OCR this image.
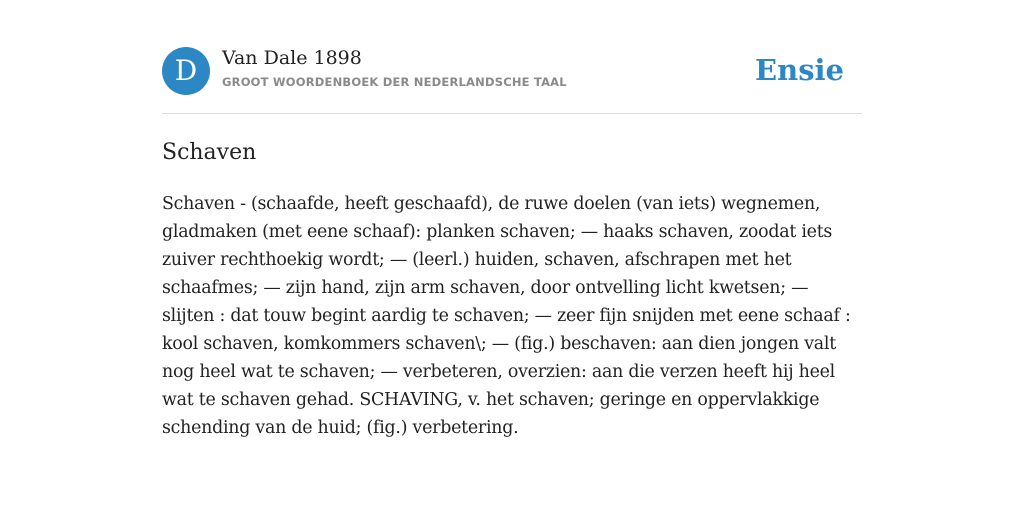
D	Van Dale 1898
GROOT WOORDENBOEK DER NEDERLANDSCHE TAAL	Ensie
Schaven

Schaven - (schaafde, heeft geschaafd), de ruwe doelen (van iets) wegnemen,
gladmaken (met eene schaaf): planken schaven; — haaks schaven, zoodat iets
zuiver rechthoekig wordt; — (leerl.) huiden, schaven, afschrapen met het
schaafmes; — zijn hand, zijn arm schaven, door ontvelling licht kwetsen; —
slijten : dat touw begint aardig te schaven; — zeer fijn snijden met eene schaaf :
kool schaven, komkommers schaven\; — (fig.) beschaven: aan dien jongen valt
nog heel wat te schaven; — verbeteren, overzien: aan die verzen heeft hij heel
wat te schaven gehad. SCHAVING, v. het schaven; geringe en oppervlakkige
schending van de huid; (fig.) verbetering.
